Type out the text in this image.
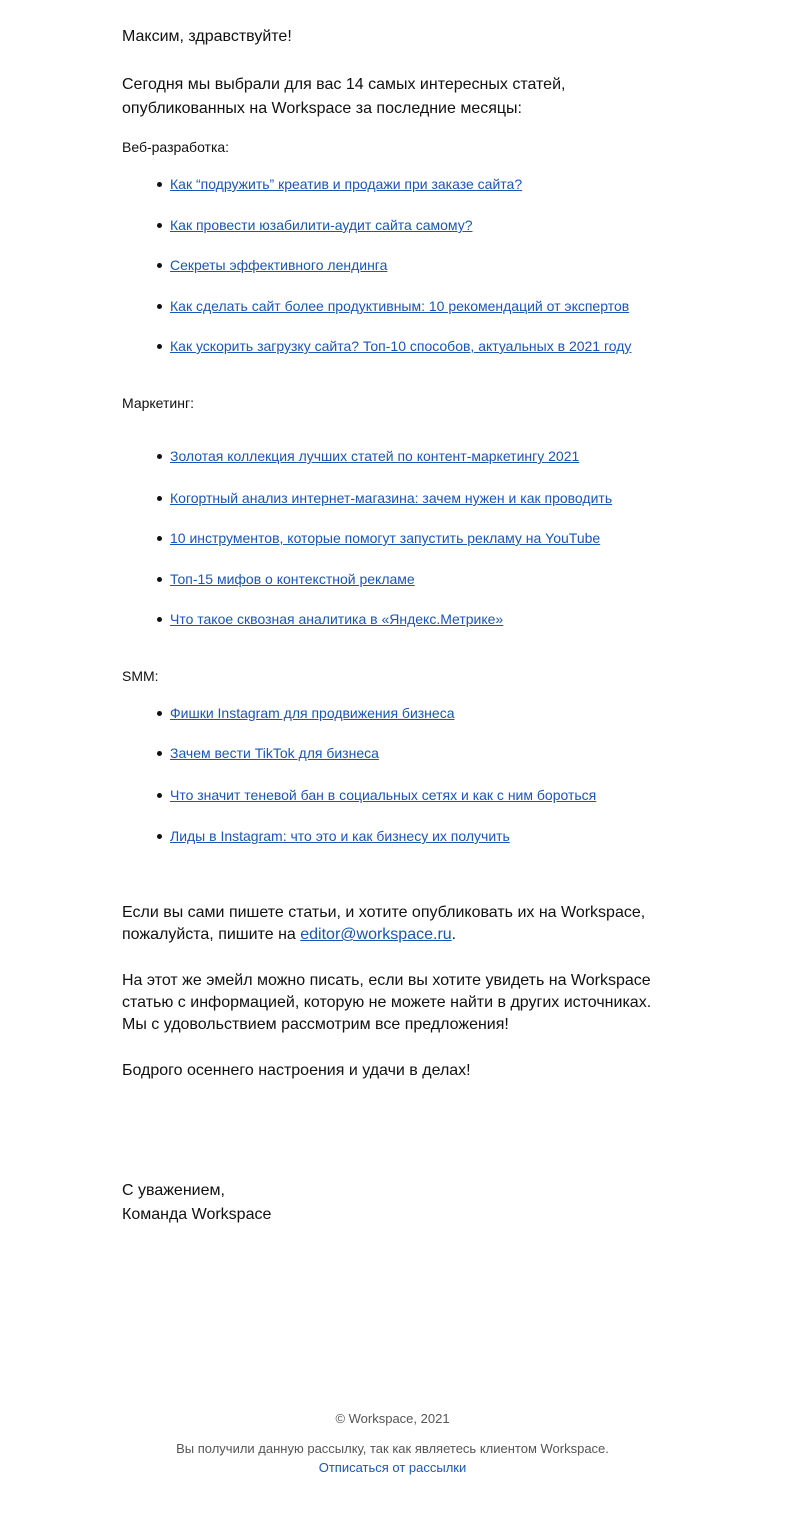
Максим, здравствуйте!

Сегодня мы выбрали для вас 14 самых интересных статей, опубликованных на Workspace за последние месяцы:

Веб-разработка:

Как “подружить” креатив и продажи при заказе сайта?
Как провести юзабилити-аудит сайта самому?
Секреты эффективного лендинга
Как сделать сайт более продуктивным: 10 рекомендаций от экспертов
Как ускорить загрузку сайта? Топ-10 способов, актуальных в 2021 году

Маркетинг:

Золотая коллекция лучших статей по контент-маркетингу 2021
Когортный анализ интернет-магазина: зачем нужен и как проводить
10 инструментов, которые помогут запустить рекламу на YouTube
Топ-15 мифов о контекстной рекламе
Что такое сквозная аналитика в «Яндекс.Метрике»

SMM:

Фишки Instagram для продвижения бизнеса
Зачем вести TikTok для бизнеса
Что значит теневой бан в социальных сетях и как с ним бороться
Лиды в Instagram: что это и как бизнесу их получить

Если вы сами пишете статьи, и хотите опубликовать их на Workspace, пожалуйста, пишите на editor@workspace.ru.

На этот же эмейл можно писать, если вы хотите увидеть на Workspace статью с информацией, которую не можете найти в других источниках. Мы с удовольствием рассмотрим все предложения!

Бодрого осеннего настроения и удачи в делах!

С уважением,
Команда Workspace

© Workspace, 2021
Вы получили данную рассылку, так как являетесь клиентом Workspace.
Отписаться от рассылки
